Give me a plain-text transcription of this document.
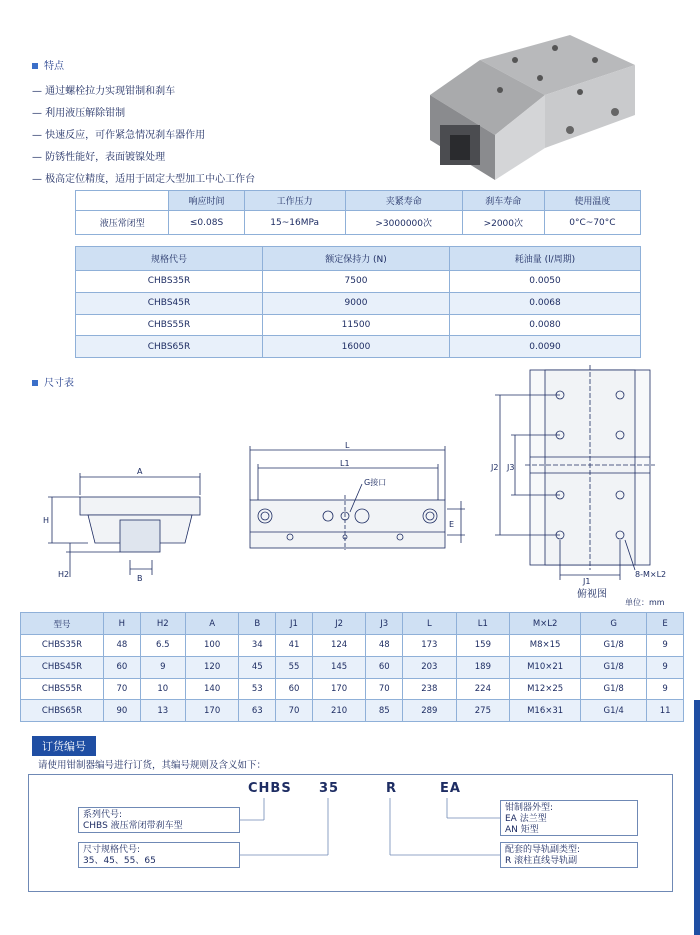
特点
— 通过螺栓拉力实现钳制和刹车
— 利用液压解除钳制
— 快速反应，可作紧急情况刹车器作用
— 防锈性能好，表面镀镍处理
— 极高定位精度，适用于固定大型加工中心工作台
	响应时间	工作压力	夹紧寿命	刹车寿命	使用温度
液压常闭型	≤0.08S	15~16MPa	>3000000次	>2000次	0°C~70°C
规格代号	额定保持力 (N)	耗油量 (l/周期)
CHBS35R	7500	0.0050
CHBS45R	9000	0.0068
CHBS55R	11500	0.0080
CHBS65R	16000	0.0090
尺寸表
A
B
H
H2
L
L1
G接口
E
J2 J3
J1
8-M×L2
俯视图
单位：mm
型号	H	H2	A	B	J1	J2	J3	L	L1	M×L2	G	E
CHBS35R	48	6.5	100	34	41	124	48	173	159	M8×15	G1/8	9
CHBS45R	60	9	120	45	55	145	60	203	189	M10×21	G1/8	9
CHBS55R	70	10	140	53	60	170	70	238	224	M12×25	G1/8	9
CHBS65R	90	13	170	63	70	210	85	289	275	M16×31	G1/4	11
订货编号
请使用钳制器编号进行订货，其编号规则及含义如下：
CHBS 35	R	EA
系列代号:
CHBS 液压常闭带刹车型
尺寸规格代号:
35、45、55、65
钳制器外型:
EA 法兰型
AN 矩型
配套的导轨副类型:
R 滚柱直线导轨副
